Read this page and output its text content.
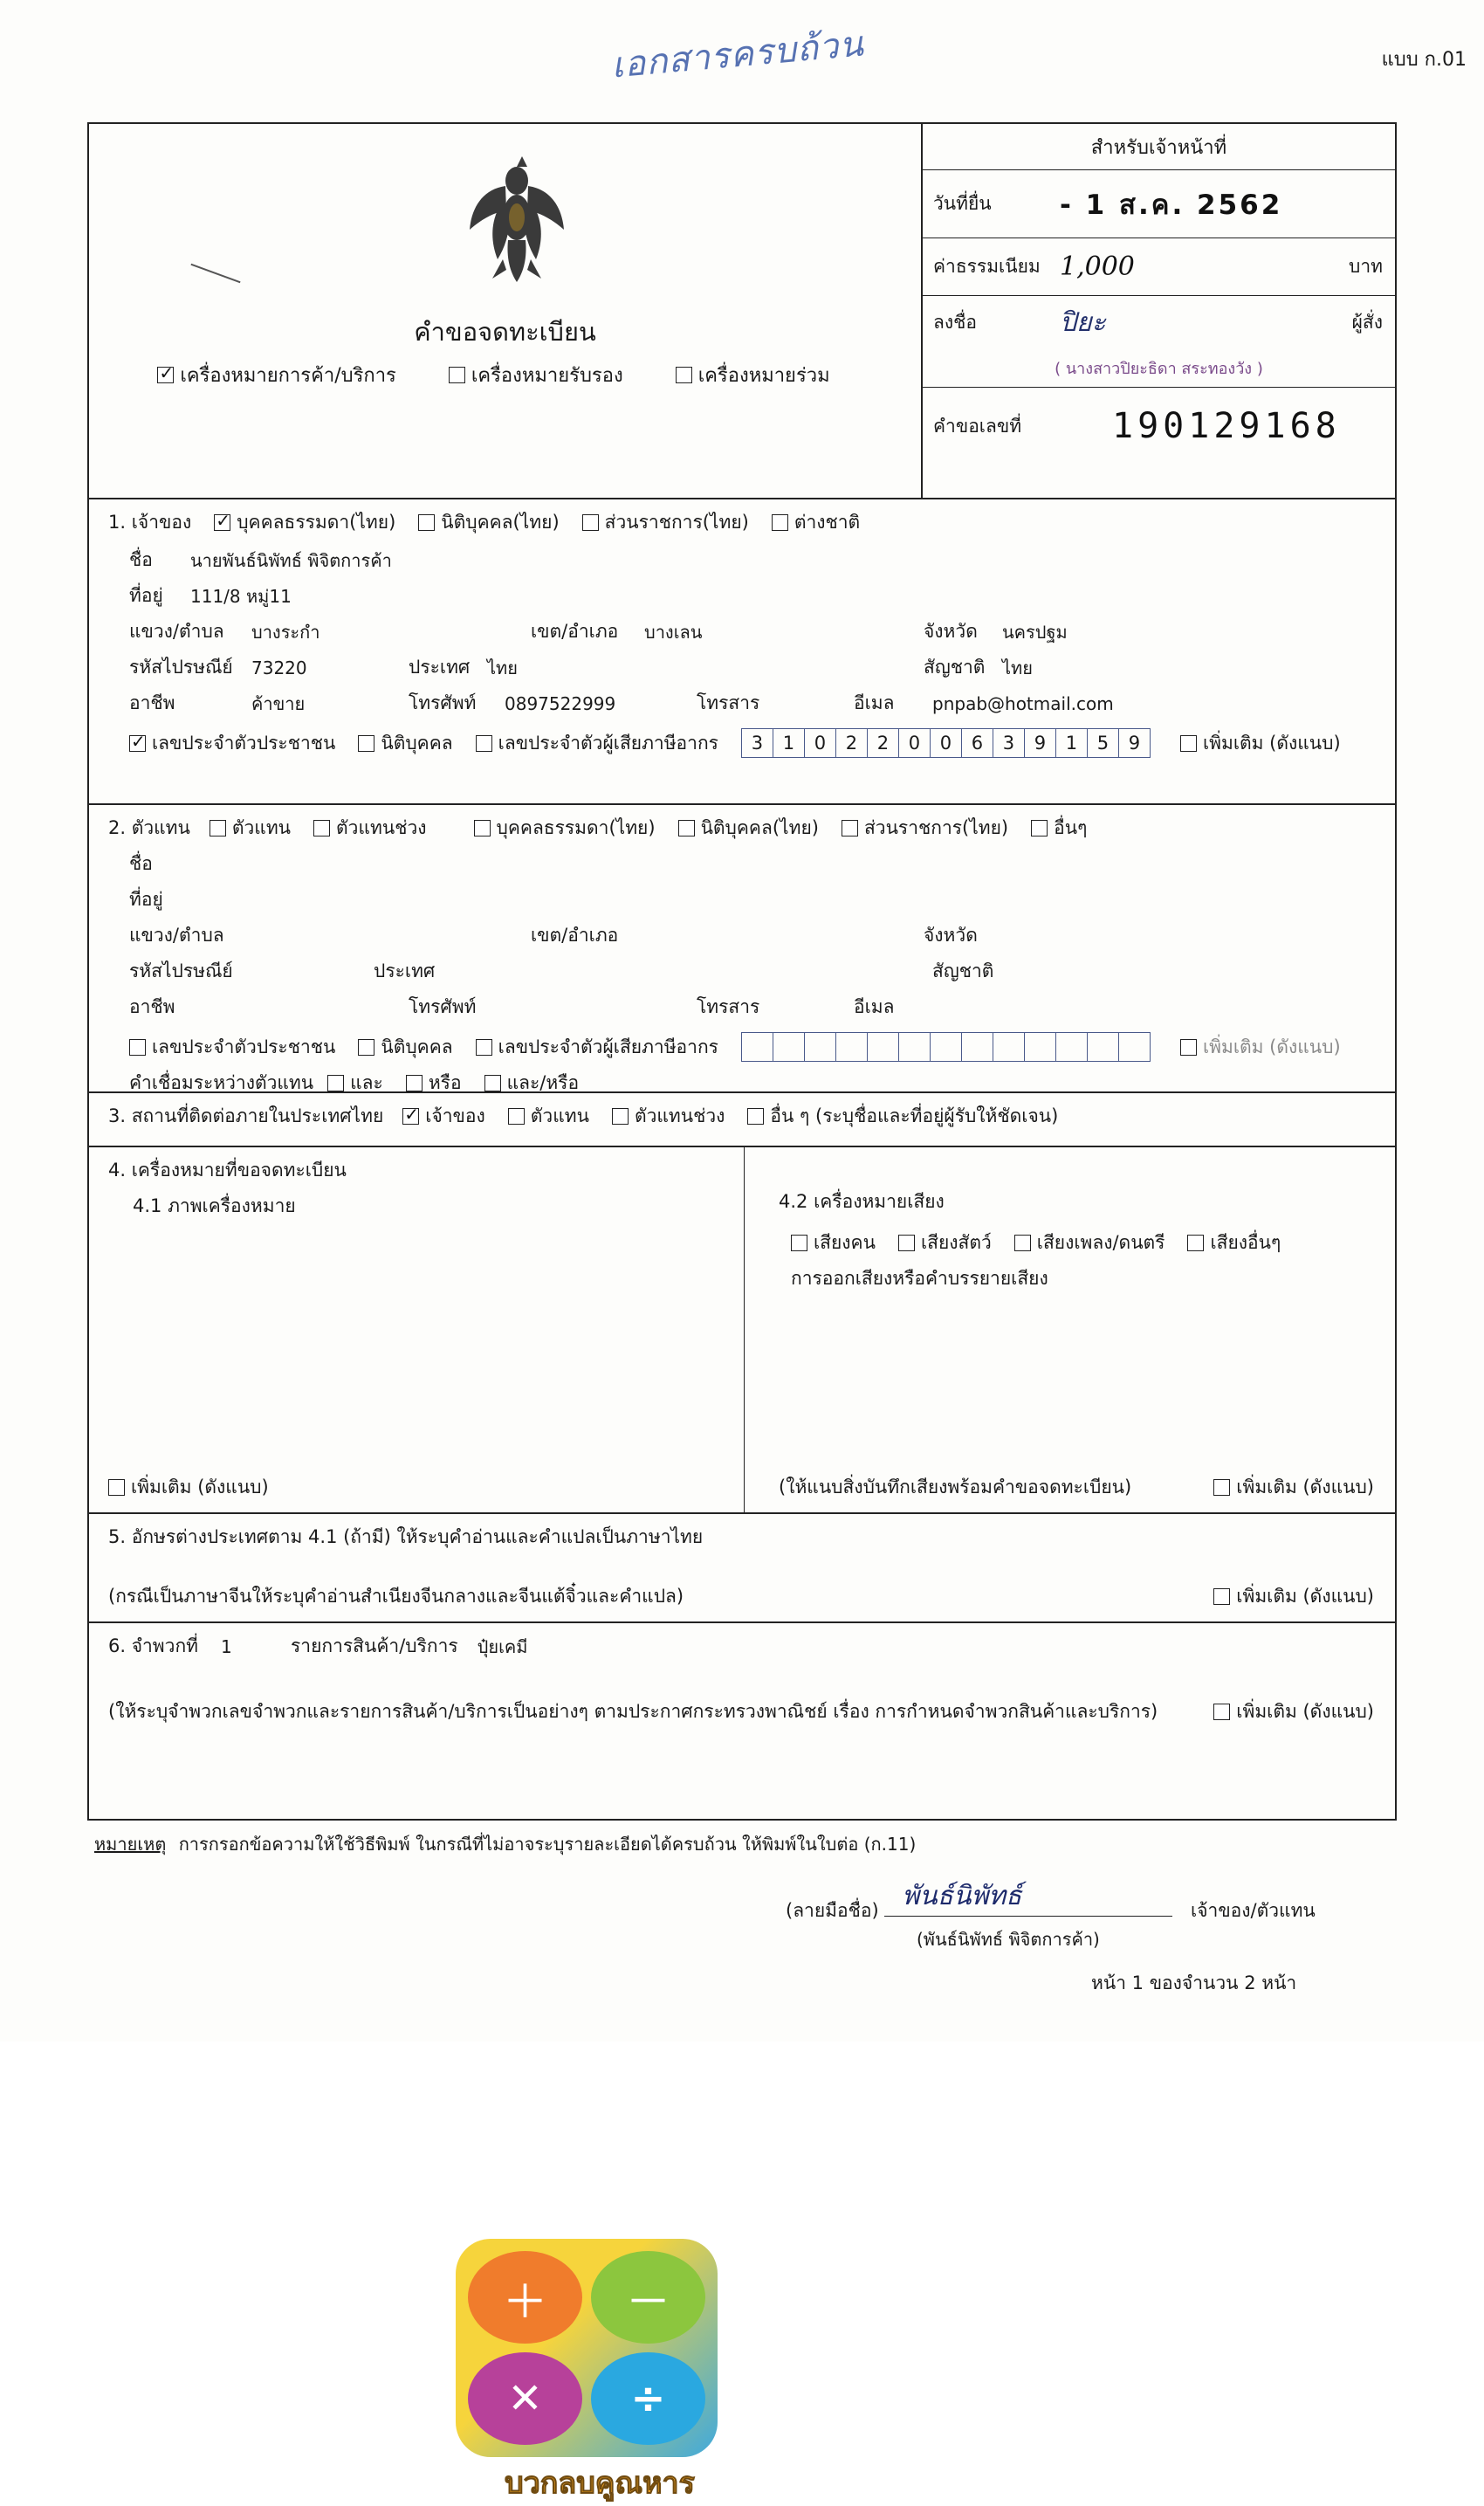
เอกสารครบถ้วน	แบบ ก.01
คำขอจดทะเบียน
✓
เครื่องหมายการค้า/บริการ	เครื่องหมายรับรอง	เครื่องหมายร่วม
สำหรับเจ้าหน้าที่
วันที่ยื่น	- 1 ส.ค. 2562
ค่าธรรมเนียม 1,000	บาท
ลงชื่อ	ปิยะ	ผู้สั่ง
( นางสาวปิยะธิดา สระทองวัง )
คำขอเลขที่	190129168
1. เจ้าของ ✓ บุคคลธรรมดา(ไทย) นิติบุคคล(ไทย) ส่วนราชการ(ไทย) ต่างชาติ
ชื่อ	นายพันธ์นิพัทธ์ พิจิตการค้า
ที่อยู่	111/8 หมู่11
แขวง/ตำบล	บางระกำ	เขต/อำเภอ	บางเลน	จังหวัด	นครปฐม
รหัสไปรษณีย์	73220	ประเทศ ไทย	สัญชาติ ไทย
อาชีพ	ค้าขาย	โทรศัพท์	0897522999	โทรสาร	อีเมล	pnpab@hotmail.com
✓
เลขประจำตัวประชาชน นิติบุคคล เลขประจำตัวผู้เสียภาษีอากร	3	1	0	2	2	0	0	6	3	9	1	5	9	เพิ่มเติม (ดังแนบ)
2. ตัวแทน ตัวแทน ตัวแทนช่วง	บุคคลธรรมดา(ไทย) นิติบุคคล(ไทย) ส่วนราชการ(ไทย) อื่นๆ
ชื่อ
ที่อยู่
แขวง/ตำบล	เขต/อำเภอ	จังหวัด
รหัสไปรษณีย์	ประเทศ	สัญชาติ
อาชีพ	โทรศัพท์	โทรสาร	อีเมล
เลขประจำตัวประชาชน นิติบุคคล เลขประจำตัวผู้เสียภาษีอากร	เพิ่มเติม (ดังแนบ)
คำเชื่อมระหว่างตัวแทน และ หรือ และ/หรือ
3. สถานที่ติดต่อภายในประเทศไทย ✓ เจ้าของ ตัวแทน ตัวแทนช่วง อื่น ๆ (ระบุชื่อและที่อยู่ผู้รับให้ชัดเจน)
4. เครื่องหมายที่ขอจดทะเบียน
4.1 ภาพเครื่องหมาย	4.2 เครื่องหมายเสียง
เสียงคน เสียงสัตว์ เสียงเพลง/ดนตรี เสียงอื่นๆ
การออกเสียงหรือคำบรรยายเสียง
＋	－
✕	÷
บวกลบคูณหาร
เพิ่มเติม (ดังแนบ)	(ให้แนบสิ่งบันทึกเสียงพร้อมคำขอจดทะเบียน)	เพิ่มเติม (ดังแนบ)
5. อักษรต่างประเทศตาม 4.1 (ถ้ามี) ให้ระบุคำอ่านและคำแปลเป็นภาษาไทย
(กรณีเป็นภาษาจีนให้ระบุคำอ่านสำเนียงจีนกลางและจีนแต้จิ๋วและคำแปล)	เพิ่มเติม (ดังแนบ)
6. จำพวกที่ 1	รายการสินค้า/บริการ ปุ๋ยเคมี
(ให้ระบุจำพวกเลขจำพวกและรายการสินค้า/บริการเป็นอย่างๆ ตามประกาศกระทรวงพาณิชย์ เรื่อง การกำหนดจำพวกสินค้าและบริการ)	เพิ่มเติม (ดังแนบ)
หมายเหตุ การกรอกข้อความให้ใช้วิธีพิมพ์ ในกรณีที่ไม่อาจระบุรายละเอียดได้ครบถ้วน ให้พิมพ์ในใบต่อ (ก.11)
(ลายมือชื่อ) พันธ์นิพัทธ์	เจ้าของ/ตัวแทน
(พันธ์นิพัทธ์ พิจิตการค้า)
หน้า 1 ของจำนวน 2 หน้า
